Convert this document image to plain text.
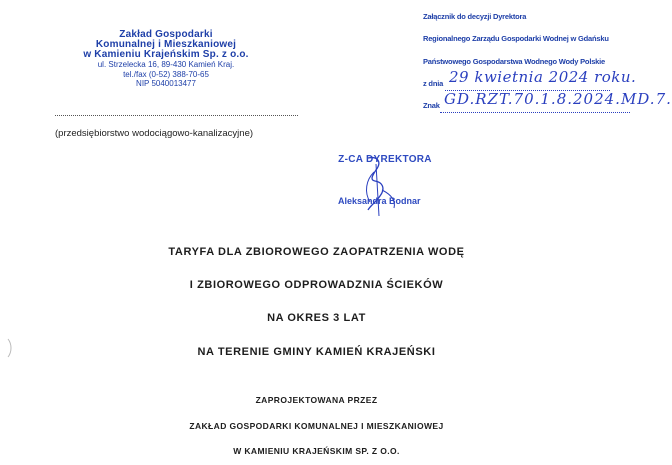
Zakład Gospodarki
Komunalnej i Mieszkaniowej
w Kamieniu Krajeńskim Sp. z o.o.
ul. Strzelecka 16, 89-430 Kamień Kraj.
tel./fax (0-52) 388-70-65
NIP 5040013477
(przedsiębiorstwo wodociągowo-kanalizacyjne)
Załącznik do decyzji Dyrektora
Regionalnego Zarządu Gospodarki Wodnej w Gdańsku
Państwowego Gospodarstwa Wodnego Wody Polskie
z dnia
Znak
29 kwietnia 2024 roku.
GD.RZT.70.1.8.2024.MD.7.
Z-CA DYREKTORA
Aleksandra Bodnar
TARYFA DLA ZBIOROWEGO ZAOPATRZENIA WODĘ
I ZBIOROWEGO ODPROWADZNIA ŚCIEKÓW
NA OKRES 3 LAT
NA TERENIE GMINY KAMIEŃ KRAJEŃSKI
ZAPROJEKTOWANA PRZEZ
ZAKŁAD GOSPODARKI KOMUNALNEJ I MIESZKANIOWEJ
W KAMIENIU KRAJEŃSKIM SP. Z O.O.
